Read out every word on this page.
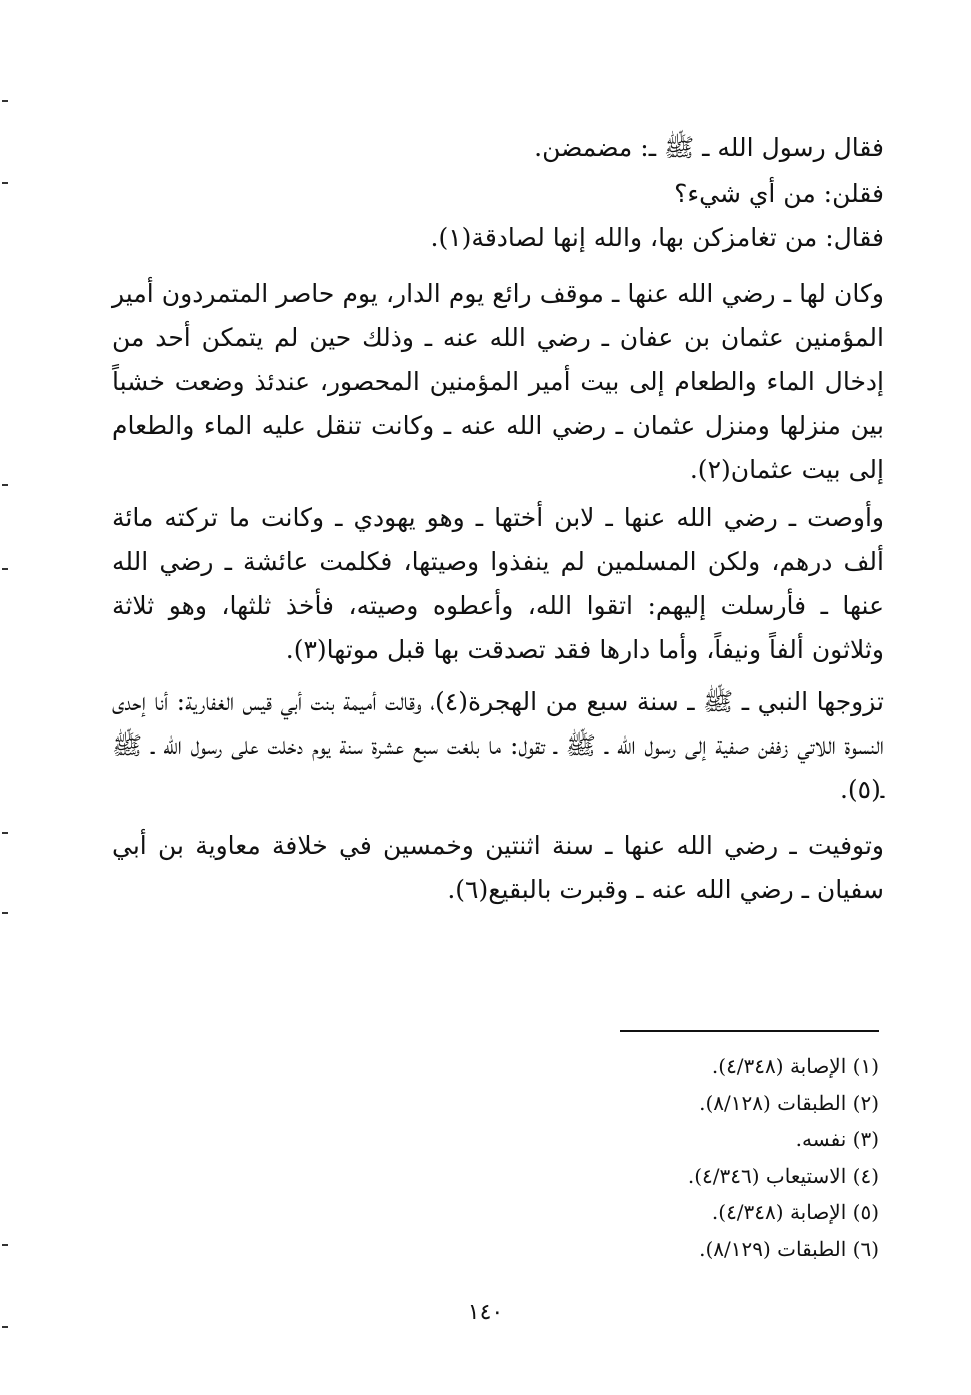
فقال رسول الله ـ ﷺ ـ: مضمضن.
فقلن: من أي شيء؟
فقال: من تغامزكن بها، والله إنها لصادقة(١).
وكان لها ـ رضي الله عنها ـ موقف رائع يوم الدار، يوم حاصر المتمردون أمير المؤمنين عثمان بن عفان ـ رضي الله عنه ـ وذلك حين لم يتمكن أحد من إدخال الماء والطعام إلى بيت أمير المؤمنين المحصور، عندئذ وضعت خشباً بين منزلها ومنزل عثمان ـ رضي الله عنه ـ وكانت تنقل عليه الماء والطعام إلى بيت عثمان(٢).
وأوصت ـ رضي الله عنها ـ لابن أختها ـ وهو يهودي ـ وكانت ما تركته مائة ألف درهم، ولكن المسلمين لم ينفذوا وصيتها، فكلمت عائشة ـ رضي الله عنها ـ فأرسلت إليهم: اتقوا الله، وأعطوه وصيته، فأخذ ثلثها، وهو ثلاثة وثلاثون ألفاً ونيفاً، وأما دارها فقد تصدقت بها قبل موتها(٣).
تزوجها النبي ـ ﷺ ـ سنة سبع من الهجرة(٤)، وقالت أميمة بنت أبي قيس الغفارية: أنا إحدى النسوة اللاتي زففن صفية إلى رسول الله ـ ﷺ ـ تقول: ما بلغت سبع عشرة سنة يوم دخلت على رسول الله ـ ﷺ ـ(٥).
وتوفيت ـ رضي الله عنها ـ سنة اثنتين وخمسين في خلافة معاوية بن أبي سفيان ـ رضي الله عنه ـ وقبرت بالبقيع(٦).
(١) الإصابة (٤/٣٤٨).
(٢) الطبقات (٨/١٢٨).
(٣) نفسه.
(٤) الاستيعاب (٤/٣٤٦).
(٥) الإصابة (٤/٣٤٨).
(٦) الطبقات (٨/١٢٩).
١٤٠
